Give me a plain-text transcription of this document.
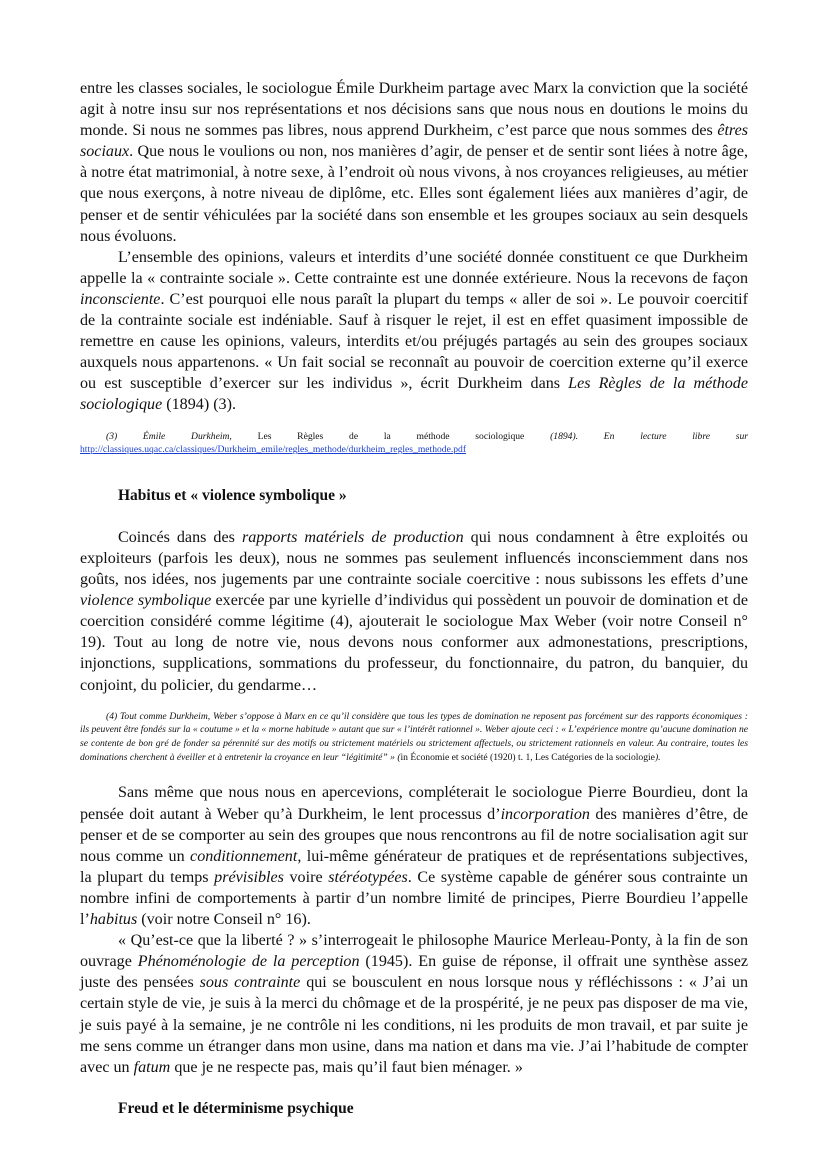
entre les classes sociales, le sociologue Émile Durkheim partage avec Marx la conviction que la société agit à notre insu sur nos représentations et nos décisions sans que nous nous en doutions le moins du monde. Si nous ne sommes pas libres, nous apprend Durkheim, c’est parce que nous sommes des êtres sociaux. Que nous le voulions ou non, nos manières d’agir, de penser et de sentir sont liées à notre âge, à notre état matrimonial, à notre sexe, à l’endroit où nous vivons, à nos croyances religieuses, au métier que nous exerçons, à notre niveau de diplôme, etc. Elles sont également liées aux manières d’agir, de penser et de sentir véhiculées par la société dans son ensemble et les groupes sociaux au sein desquels nous évoluons.

L’ensemble des opinions, valeurs et interdits d’une société donnée constituent ce que Durkheim appelle la « contrainte sociale ». Cette contrainte est une donnée extérieure. Nous la recevons de façon inconsciente. C’est pourquoi elle nous paraît la plupart du temps « aller de soi ». Le pouvoir coercitif de la contrainte sociale est indéniable. Sauf à risquer le rejet, il est en effet quasiment impossible de remettre en cause les opinions, valeurs, interdits et/ou préjugés partagés au sein des groupes sociaux auxquels nous appartenons. « Un fait social se reconnaît au pouvoir de coercition externe qu’il exerce ou est susceptible d’exercer sur les individus », écrit Durkheim dans Les Règles de la méthode sociologique (1894) (3).

(3) Émile Durkheim, Les Règles de la méthode sociologique (1894). En lecture libre sur http://classiques.uqac.ca/classiques/Durkheim_emile/regles_methode/durkheim_regles_methode.pdf

Habitus et « violence symbolique »

Coincés dans des rapports matériels de production qui nous condamnent à être exploités ou exploiteurs (parfois les deux), nous ne sommes pas seulement influencés inconsciemment dans nos goûts, nos idées, nos jugements par une contrainte sociale coercitive : nous subissons les effets d’une violence symbolique exercée par une kyrielle d’individus qui possèdent un pouvoir de domination et de coercition considéré comme légitime (4), ajouterait le sociologue Max Weber (voir notre Conseil n° 19). Tout au long de notre vie, nous devons nous conformer aux admonestations, prescriptions, injonctions, supplications, sommations du professeur, du fonctionnaire, du patron, du banquier, du conjoint, du policier, du gendarme…

(4) Tout comme Durkheim, Weber s’oppose à Marx en ce qu’il considère que tous les types de domination ne reposent pas forcément sur des rapports économiques : ils peuvent être fondés sur la « coutume » et la « morne habitude » autant que sur « l’intérêt rationnel ». Weber ajoute ceci : « L’expérience montre qu’aucune domination ne se contente de bon gré de fonder sa pérennité sur des motifs ou strictement matériels ou strictement affectuels, ou strictement rationnels en valeur. Au contraire, toutes les dominations cherchent à éveiller et à entretenir la croyance en leur “légitimité” » (in Économie et société (1920) t. 1, Les Catégories de la sociologie).

Sans même que nous nous en apercevions, compléterait le sociologue Pierre Bourdieu, dont la pensée doit autant à Weber qu’à Durkheim, le lent processus d’incorporation des manières d’être, de penser et de se comporter au sein des groupes que nous rencontrons au fil de notre socialisation agit sur nous comme un conditionnement, lui-même générateur de pratiques et de représentations subjectives, la plupart du temps prévisibles voire stéréotypées. Ce système capable de générer sous contrainte un nombre infini de comportements à partir d’un nombre limité de principes, Pierre Bourdieu l’appelle l’habitus (voir notre Conseil n° 16).

« Qu’est-ce que la liberté ? » s’interrogeait le philosophe Maurice Merleau-Ponty, à la fin de son ouvrage Phénoménologie de la perception (1945). En guise de réponse, il offrait une synthèse assez juste des pensées sous contrainte qui se bousculent en nous lorsque nous y réfléchissons : « J’ai un certain style de vie, je suis à la merci du chômage et de la prospérité, je ne peux pas disposer de ma vie, je suis payé à la semaine, je ne contrôle ni les conditions, ni les produits de mon travail, et par suite je me sens comme un étranger dans mon usine, dans ma nation et dans ma vie. J’ai l’habitude de compter avec un fatum que je ne respecte pas, mais qu’il faut bien ménager. »

Freud et le déterminisme psychique
